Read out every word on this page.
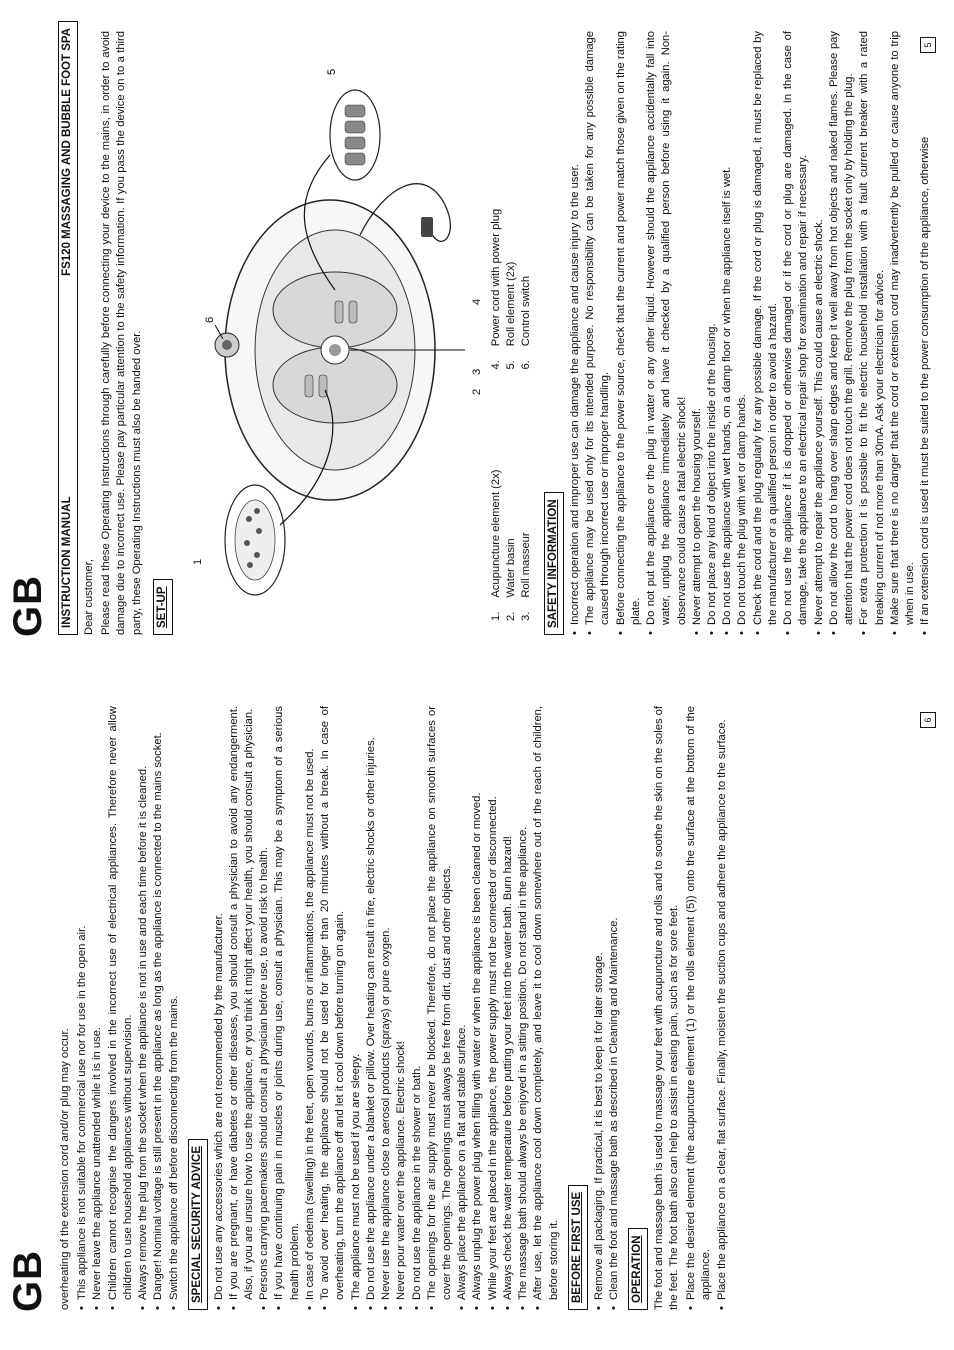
GB INSTRUCTION MANUAL
FS120 MASSAGING AND BUBBLE FOOT SPA

Dear customer, Please read these Operating Instructions through carefully before connecting your device to the mains, in order to avoid damage due to incorrect use. Please pay particular attention to the safety information. If you pass the device on to a third party, these Operating Instructions must also be handed over. SET-UP
1
2
3
4
5
6
1.
Acupuncture element (2x)
2.
Water basin
3.
Roll masseur
4.
Power cord with power plug
5.
Roll element (2x)
6.
Control switch
SAFETY INFORMATION • Incorrect operation and improper use can damage the appliance and cause injury to the user. • The appliance may be used only for its intended purpose. No responsibility can be taken for any possible damage caused through incorrect use or improper handling. • Before connecting the appliance to the power source, check that the current and power match those given on the rating plate. • Do not put the appliance or the plug in water or any other liquid. However should the appliance accidentally fall into water, unplug the appliance immediately and have it checked by a qualified person before using it again. Non-observance could cause a fatal electric shock! • Never attempt to open the housing yourself. • Do not place any kind of object into the inside of the housing. • Do not use the appliance with wet hands, on a damp floor or when the appliance itself is wet. • Do not touch the plug with wet or damp hands. • Check the cord and the plug regularly for any possible damage. If the cord or plug is damaged, it must be replaced by the manufacturer or a qualified person in order to avoid a hazard. • Do not use the appliance if it is dropped or otherwise damaged or if the cord or plug are damaged. In the case of damage, take the appliance to an electrical repair shop for examination and repair if necessary. • Never attempt to repair the appliance yourself. This could cause an electric shock. • Do not allow the cord to hang over sharp edges and keep it well away from hot objects and naked flames. Please pay attention that the power cord does not touch the grill. Remove the plug from the socket only by holding the plug. • For extra protection it is possible to fit the electric household installation with a fault current breaker with a rated breaking current of not more than 30mA. Ask your electrician for advice. • Make sure that there is no danger that the cord or extension cord may inadvertently be pulled or cause anyone to trip when in use. • If an extension cord is used it must be suited to the power consumption of the appliance, otherwise
5
GB overheating of the extension cord and/or plug may occur. • This appliance is not suitable for commercial use nor for use in the open air. • Never leave the appliance unattended while it is in use. • Children cannot recognise the dangers involved in the incorrect use of electrical appliances. Therefore never allow children to use household appliances without supervision. • Always remove the plug from the socket when the appliance is not in use and each time before it is cleaned. • Danger! Nominal voltage is still present in the appliance as long as the appliance is connected to the mains socket. • Switch the appliance off before disconnecting from the mains. SPECIAL SECURITY ADVICE • Do not use any accessories which are not recommended by the manufacturer. • If you are pregnant, or have diabetes or other diseases, you should consult a physician to avoid any endangerment. Also, if you are unsure how to use the appliance, or you think it might affect your health, you should consult a physician. • Persons carrying pacemakers should consult a physician before use, to avoid risk to health. • If you have continuing pain in muscles or joints during use, consult a physician. This may be a symptom of a serious health problem. • In case of oedema (swelling) in the feet, open wounds, burns or inflammations, the appliance must not be used. • To avoid over heating, the appliance should not be used for longer than 20 minutes without a break. In case of overheating, turn the appliance off and let it cool down before turning on again. • The appliance must not be used if you are sleepy. • Do not use the appliance under a blanket or pillow. Over heating can result in fire, electric shocks or other injuries. • Never use the appliance close to aerosol products (sprays) or pure oxygen. • Never pour water over the appliance. Electric shock! • Do not use the appliance in the shower or bath. • The openings for the air supply must never be blocked. Therefore, do not place the appliance on smooth surfaces or cover the openings. The openings must always be free from dirt, dust and other objects. • Always place the appliance on a flat and stable surface. • Always unplug the power plug when filling with water or when the appliance is been cleaned or moved. • While your feet are placed in the appliance, the power supply must not be connected or disconnected. • Always check the water temperature before putting your feet into the water bath. Burn hazard! • The massage bath should always be enjoyed in a sitting position. Do not stand in the appliance. • After use, let the appliance cool down completely, and leave it to cool down somewhere out of the reach of children, before storing it. BEFORE FIRST USE • Remove all packaging. If practical, it is best to keep it for later storage. • Clean the foot and massage bath as described in Cleaning and Maintenance. OPERATION The foot and massage bath is used to massage your feet with acupuncture and rolls and to soothe the skin on the soles of the feet. The foot bath also can help to assist in easing pain, such as for sore feet. • Place the desired element (the acupuncture element (1) or the rolls element (5)) onto the surface at the bottom of the appliance. • Place the appliance on a clear, flat surface. Finally, moisten the suction cups and adhere the appliance to the surface.	6
